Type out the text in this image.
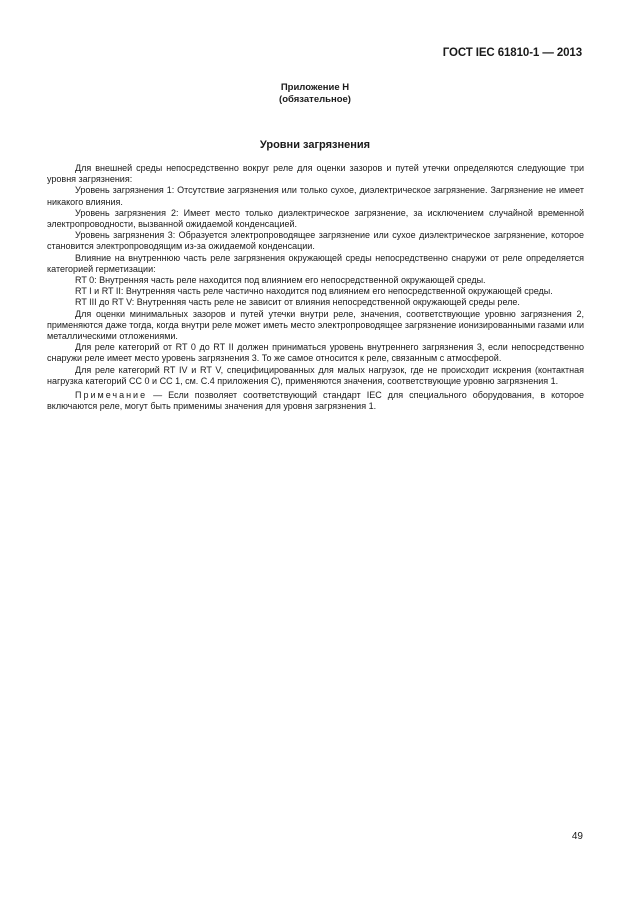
ГОСТ IEC 61810-1 — 2013
Приложение Н
(обязательное)
Уровни загрязнения

Для внешней среды непосредственно вокруг реле для оценки зазоров и путей утечки определяются следующие три уровня загрязнения:

Уровень загрязнения 1: Отсутствие загрязнения или только сухое, диэлектрическое загрязнение. Загрязнение не имеет никакого влияния.

Уровень загрязнения 2: Имеет место только диэлектрическое загрязнение, за исключением случайной временной электропроводности, вызванной ожидаемой конденсацией.

Уровень загрязнения 3: Образуется электропроводящее загрязнение или сухое диэлектрическое загрязнение, которое становится электропроводящим из-за ожидаемой конденсации.

Влияние на внутреннюю часть реле загрязнения окружающей среды непосредственно снаружи от реле определяется категорией герметизации:

RT 0: Внутренняя часть реле находится под влиянием его непосредственной окружающей среды.

RT I и RT II: Внутренняя часть реле частично находится под влиянием его непосредственной окружающей среды.

RT III до RT V: Внутренняя часть реле не зависит от влияния непосредственной окружающей среды реле.

Для оценки минимальных зазоров и путей утечки внутри реле, значения, соответствующие уровню загрязнения 2, применяются даже тогда, когда внутри реле может иметь место электропроводящее загрязнение ионизированными газами или металлическими отложениями.

Для реле категорий от RT 0 до RT II должен приниматься уровень внутреннего загрязнения 3, если непосредственно снаружи реле имеет место уровень загрязнения 3. То же самое относится к реле, связанным с атмосферой.

Для реле категорий RT IV и RT V, специфицированных для малых нагрузок, где не происходит искрения (контактная нагрузка категорий СС 0 и СС 1, см. С.4 приложения С), применяются значения, соответствующие уровню загрязнения 1.

Примечание — Если позволяет соответствующий стандарт IEC для специального оборудования, в которое включаются реле, могут быть применимы значения для уровня загрязнения 1.

49
